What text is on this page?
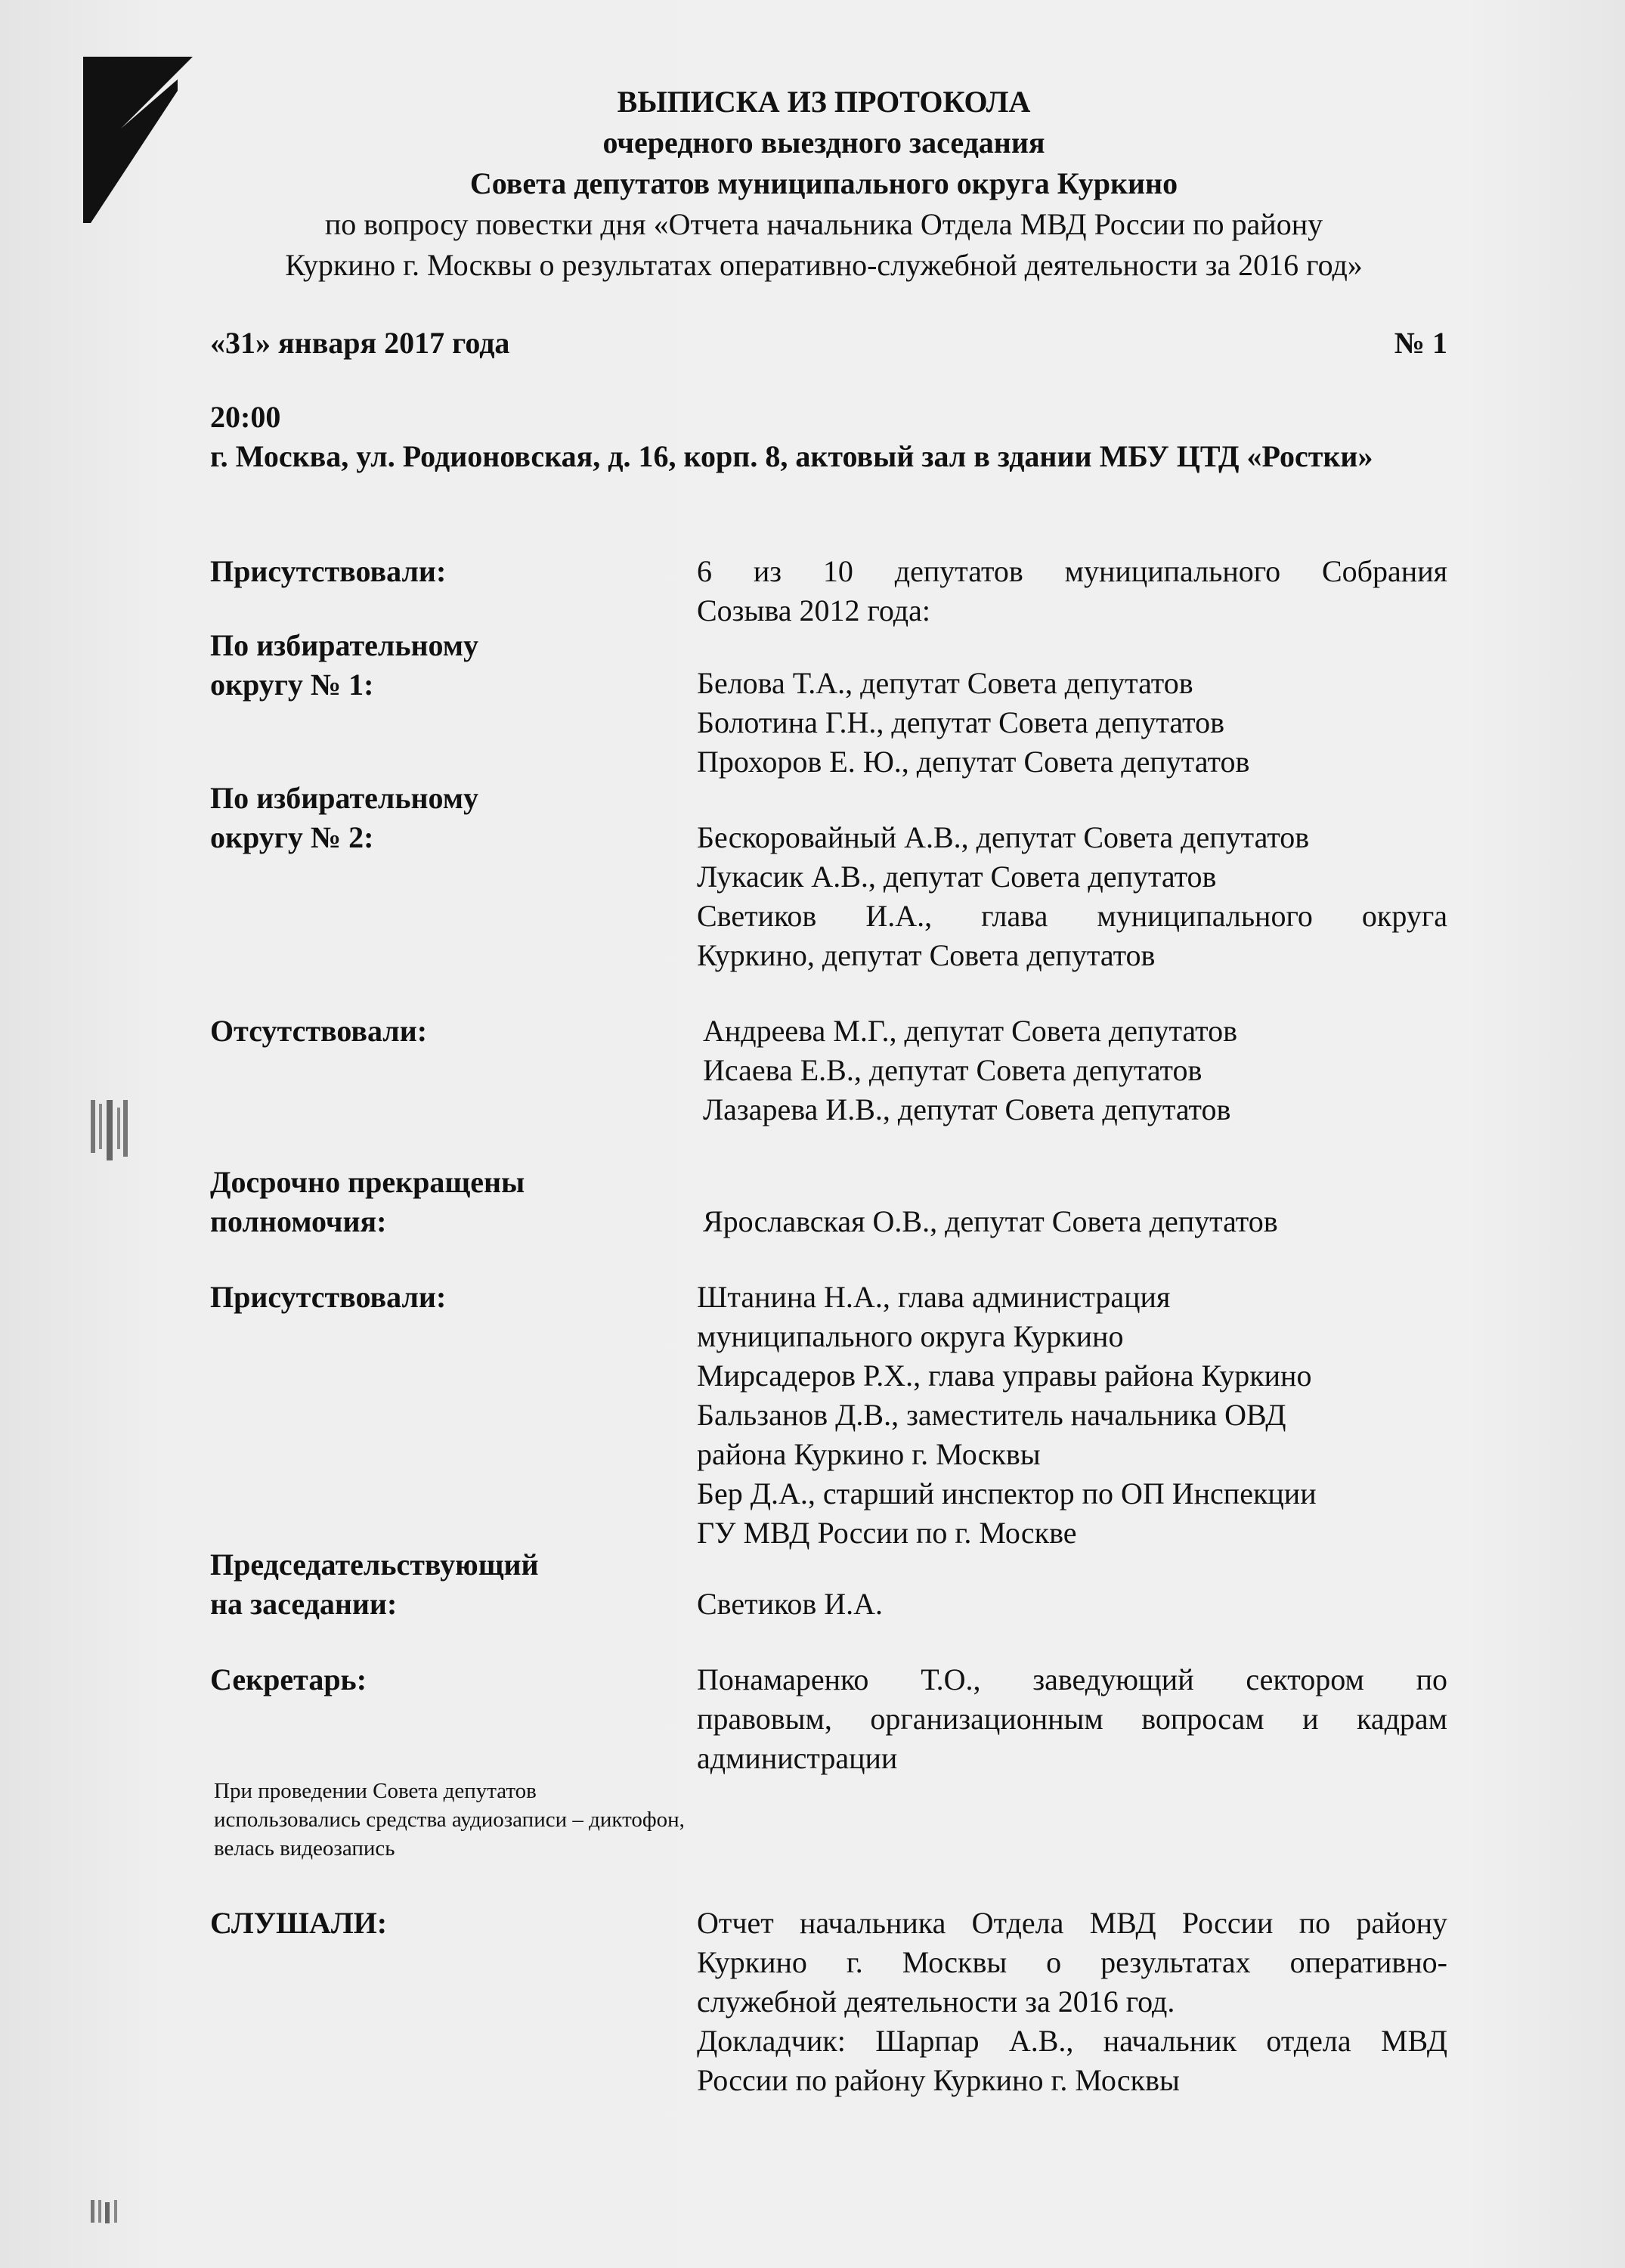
ВЫПИСКА ИЗ ПРОТОКОЛА
очередного выездного заседания
Совета депутатов муниципального округа Куркино
по вопросу повестки дня «Отчета начальника Отдела МВД России по району
Куркино г. Москвы о результатах оперативно-служебной деятельности за 2016 год»
«31» января 2017 года	№ 1
20:00
г. Москва, ул. Родионовская, д. 16, корп. 8, актовый зал в здании МБУ ЦТД «Ростки»
Присутствовали:	6 из 10 депутатов муниципального Собрания
Созыва 2012 года:
По избирательному
округу № 1:	Белова Т.А., депутат Совета депутатов
Болотина Г.Н., депутат Совета депутатов
Прохоров Е. Ю., депутат Совета депутатов
По избирательному
округу № 2:	Бескоровайный А.В., депутат Совета депутатов
Лукасик А.В., депутат Совета депутатов
Светиков И.А., глава муниципального округа
Куркино, депутат Совета депутатов
Отсутствовали:	Андреева М.Г., депутат Совета депутатов
Исаева Е.В., депутат Совета депутатов
Лазарева И.В., депутат Совета депутатов
Досрочно прекращены
полномочия:	Ярославская О.В., депутат Совета депутатов
Присутствовали:	Штанина Н.А., глава администрация
муниципального округа Куркино
Мирсадеров Р.Х., глава управы района Куркино
Бальзанов Д.В., заместитель начальника ОВД
района Куркино г. Москвы
Бер Д.А., старший инспектор по ОП Инспекции
ГУ МВД России по г. Москве
Председательствующий
на заседании:	Светиков И.А.
Секретарь:	Понамаренко Т.О., заведующий сектором по
правовым, организационным вопросам и кадрам
администрации
При проведении Совета депутатов
использовались средства аудиозаписи – диктофон,
велась видеозапись
СЛУШАЛИ:	Отчет начальника Отдела МВД России по району
Куркино г. Москвы о результатах оперативно-
служебной деятельности за 2016 год.
Докладчик: Шарпар А.В., начальник отдела МВД
России по району Куркино г. Москвы
